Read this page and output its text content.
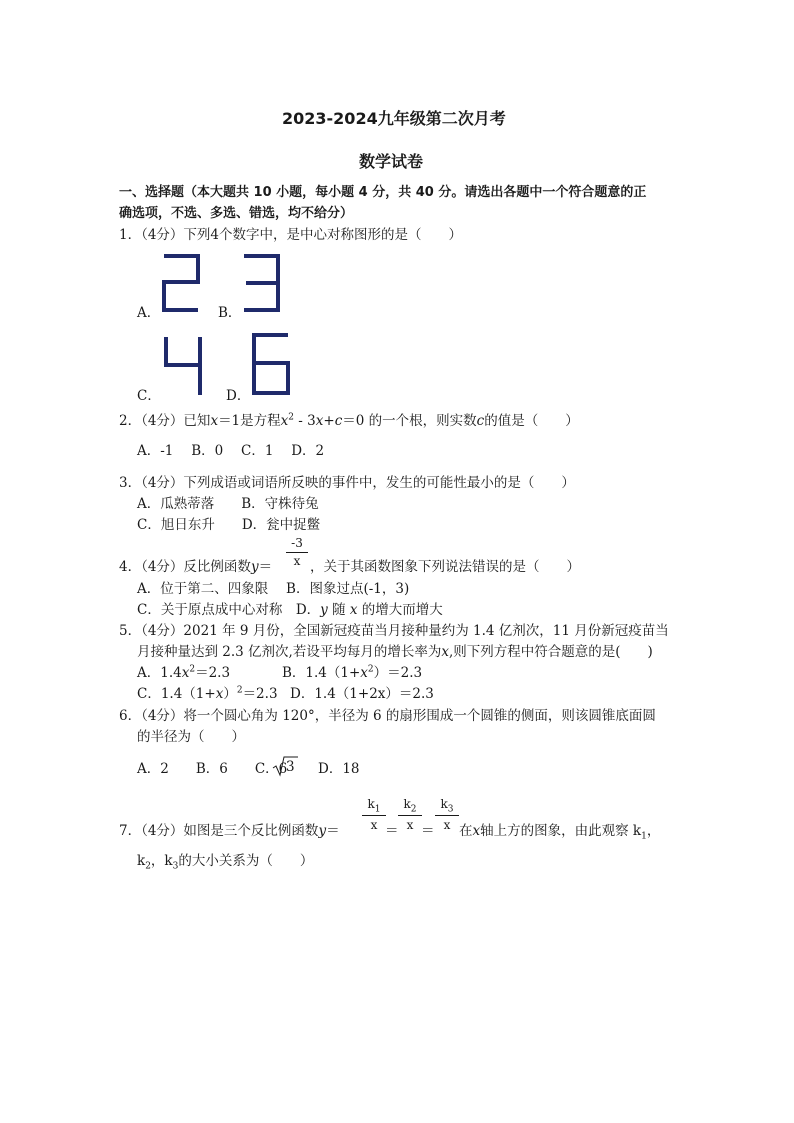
2023-2024九年级第二次月考
数学试卷
一、选择题（本大题共 10 小题，每小题 4 分，共 40 分。请选出各题中一个符合题意的正
确选项，不选、多选、错选，均不给分）
1．（4分）下列4个数字中，是中心对称图形的是（　　）
A．	B．
C．	D．
2．（4分）已知x＝1是方程$x^2 - 3x+c=0$ 的一个根，则实数c的值是（　　）
A．-1　 B．0　 C．1　 D．2
3．（4分）下列成语或词语所反映的事件中，发生的可能性最小的是（　　）
A．瓜熟蒂落　　B．守株待兔
C．旭日东升　　D．瓮中捉鳖
-3
x
4．（4分）反比例函数y＝	，关于其函数图象下列说法错误的是（　　）
A．位于第二、四象限　 B．图象过点(-1，3)
C．关于原点成中心对称　D．y 随 x 的增大而增大
5．（4分）2021 年 9 月份，全国新冠疫苗当月接种量约为 1.4 亿剂次，11 月份新冠疫苗当
月接种量达到 2.3 亿剂次,若设平均每月的增长率为x,则下列方程中符合题意的是(　　)
A．$1.4x^2=2.3$	B．$1.4(1+x^2)=2.3$
C．$1.4(1+x)^2=2.3$ D．1.4（1+2x）＝2.3
6．（4分）将一个圆心角为 120°，半径为 6 的扇形围成一个圆锥的侧面，则该圆锥底面圆
的半径为（　　）
A．2　　B．6　　C．6
3 D．18
$k_1$
x
$k_2$
x
$k_3$
x
7．（4分）如图是三个反比例函数y＝	＝ ＝ 在x轴上方的图象，由此观察 $k_1$，
$k_2$，$k_3$的大小关系为（　　）
